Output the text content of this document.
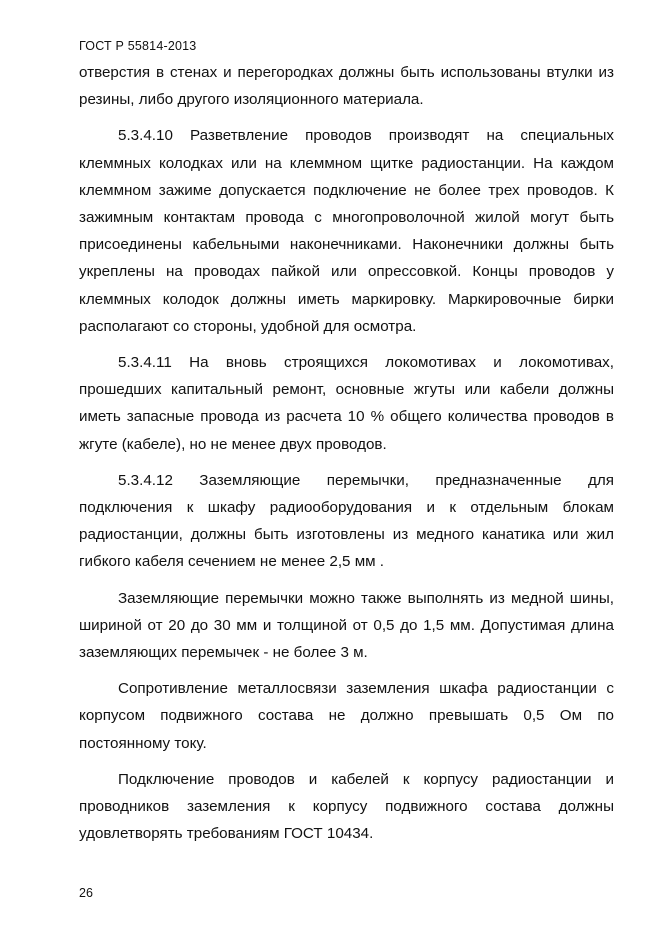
ГОСТ Р 55814-2013

отверстия в стенах и перегородках должны быть использованы втулки из резины, либо другого изоляционного материала.

5.3.4.10 Разветвление проводов производят на специальных клеммных колодках или на клеммном щитке радиостанции. На каждом клеммном зажиме допускается подключение не более трех проводов. К зажимным контактам провода с многопроволочной жилой могут быть присоединены кабельными наконечниками. Наконечники должны быть укреплены на проводах пайкой или опрессовкой. Концы проводов у клеммных колодок должны иметь маркировку. Маркировочные бирки располагают со стороны, удобной для осмотра.

5.3.4.11 На вновь строящихся локомотивах и локомотивах, прошедших капитальный ремонт, основные жгуты или кабели должны иметь запасные провода из расчета 10 % общего количества проводов в жгуте (кабеле), но не менее двух проводов.

5.3.4.12 Заземляющие перемычки, предназначенные для подключения к шкафу радиооборудования и к отдельным блокам радиостанции, должны быть изготовлены из медного канатика или жил гибкого кабеля сечением не менее 2,5 мм .

Заземляющие перемычки можно также выполнять из медной шины, шириной от 20 до 30 мм и толщиной от 0,5 до 1,5 мм. Допустимая длина заземляющих перемычек - не более 3 м.

Сопротивление металлосвязи заземления шкафа радиостанции с корпусом подвижного состава не должно превышать 0,5 Ом по постоянному току.

Подключение проводов и кабелей к корпусу радиостанции и проводников заземления к корпусу подвижного состава должны удовлетворять требованиям ГОСТ 10434.

26
